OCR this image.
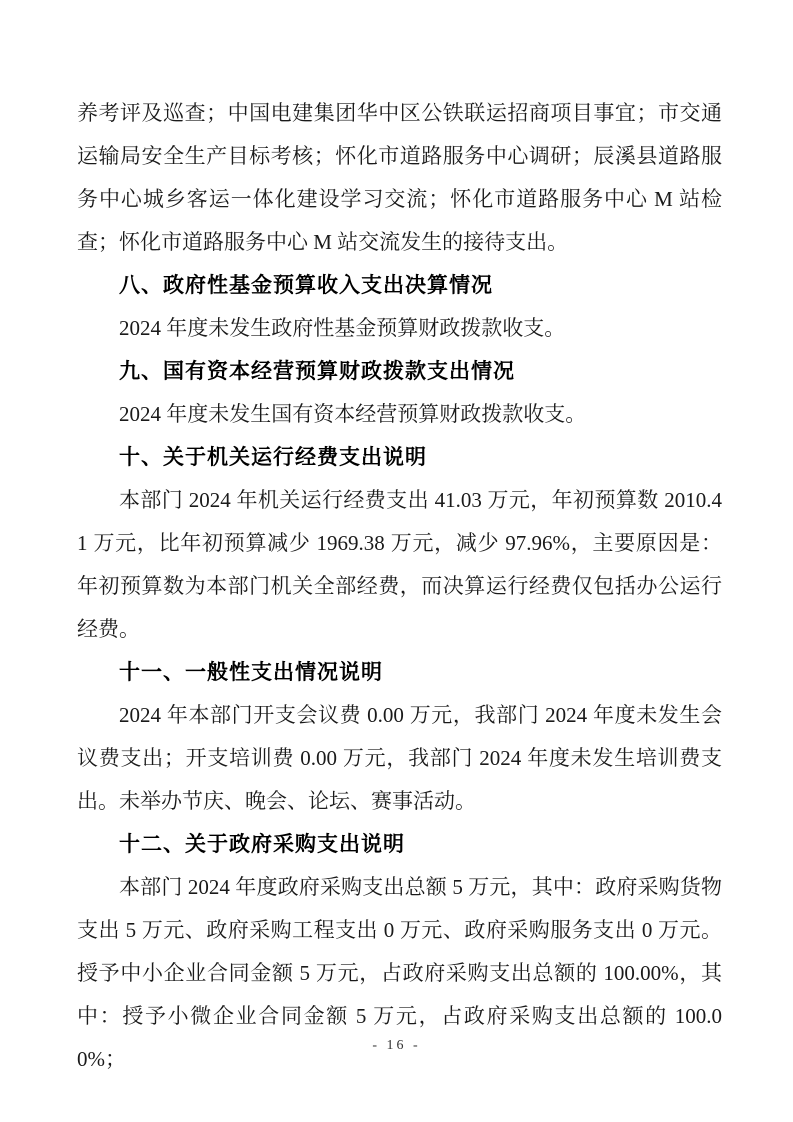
养考评及巡查；中国电建集团华中区公铁联运招商项目事宜；市交通运输局安全生产目标考核；怀化市道路服务中心调研；辰溪县道路服务中心城乡客运一体化建设学习交流；怀化市道路服务中心 M 站检查；怀化市道路服务中心 M 站交流发生的接待支出。

八、政府性基金预算收入支出决算情况

2024 年度未发生政府性基金预算财政拨款收支。

九、国有资本经营预算财政拨款支出情况

2024 年度未发生国有资本经营预算财政拨款收支。

十、关于机关运行经费支出说明

本部门 2024 年机关运行经费支出 41.03 万元，年初预算数 2010.41 万元，比年初预算减少 1969.38 万元，减少 97.96%，主要原因是：年初预算数为本部门机关全部经费，而决算运行经费仅包括办公运行经费。

十一、一般性支出情况说明

2024 年本部门开支会议费 0.00 万元，我部门 2024 年度未发生会议费支出；开支培训费 0.00 万元，我部门 2024 年度未发生培训费支出。未举办节庆、晚会、论坛、赛事活动。

十二、关于政府采购支出说明

本部门 2024 年度政府采购支出总额 5 万元，其中：政府采购货物支出 5 万元、政府采购工程支出 0 万元、政府采购服务支出 0 万元。授予中小企业合同金额 5 万元，占政府采购支出总额的 100.00%，其中：授予小微企业合同金额 5 万元，占政府采购支出总额的 100.00%；

- 16 -
